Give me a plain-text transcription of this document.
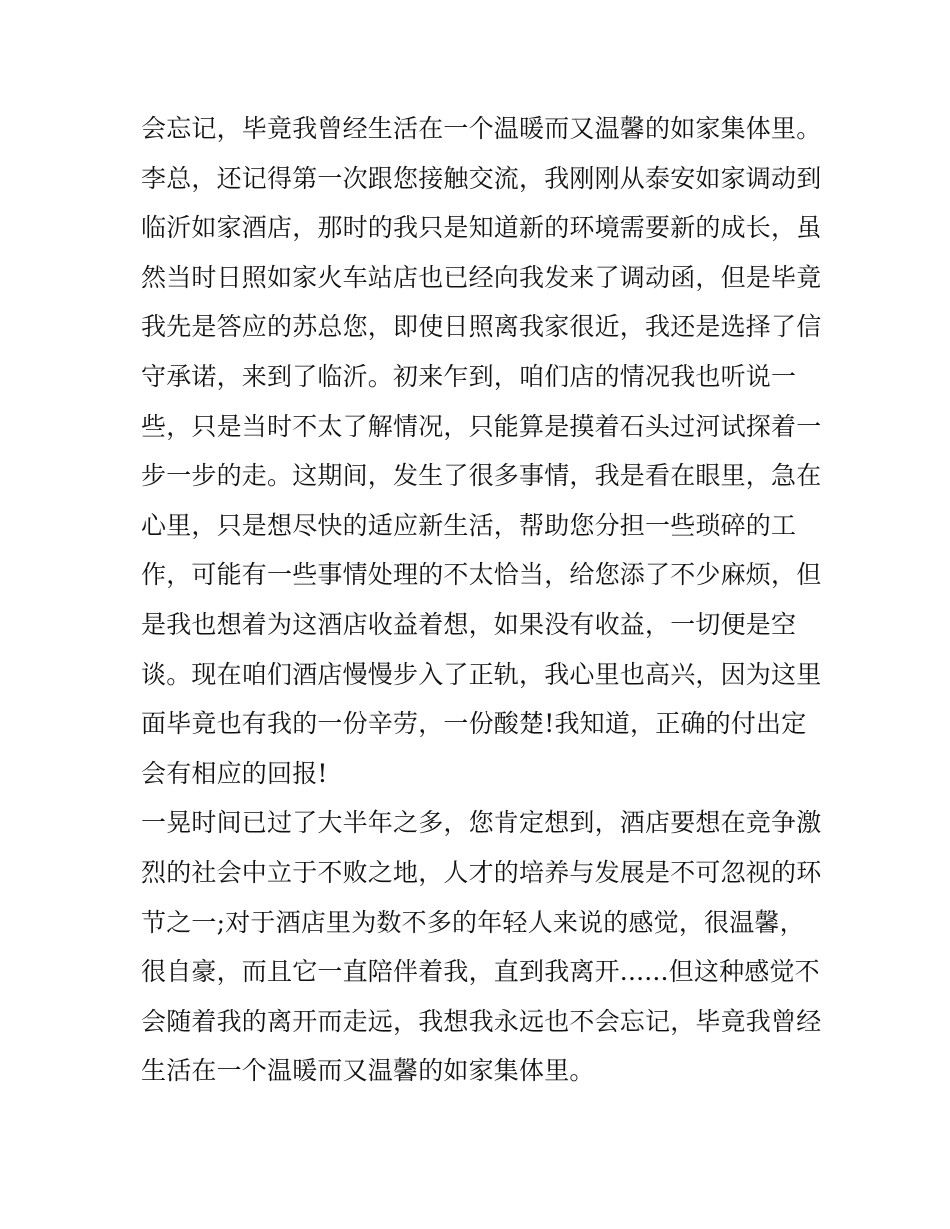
会忘记，毕竟我曾经生活在一个温暖而又温馨的如家集体里。
李总，还记得第一次跟您接触交流，我刚刚从泰安如家调动到
临沂如家酒店，那时的我只是知道新的环境需要新的成长，虽
然当时日照如家火车站店也已经向我发来了调动函，但是毕竟
我先是答应的苏总您，即使日照离我家很近，我还是选择了信
守承诺，来到了临沂。初来乍到，咱们店的情况我也听说一
些，只是当时不太了解情况，只能算是摸着石头过河试探着一
步一步的走。这期间，发生了很多事情，我是看在眼里，急在
心里，只是想尽快的适应新生活，帮助您分担一些琐碎的工
作，可能有一些事情处理的不太恰当，给您添了不少麻烦，但
是我也想着为这酒店收益着想，如果没有收益，一切便是空
谈。现在咱们酒店慢慢步入了正轨，我心里也高兴，因为这里
面毕竟也有我的一份辛劳，一份酸楚!我知道，正确的付出定
会有相应的回报!
一晃时间已过了大半年之多，您肯定想到，酒店要想在竞争激
烈的社会中立于不败之地，人才的培养与发展是不可忽视的环
节之一;对于酒店里为数不多的年轻人来说的感觉，很温馨，
很自豪，而且它一直陪伴着我，直到我离开......但这种感觉不
会随着我的离开而走远，我想我永远也不会忘记，毕竟我曾经
生活在一个温暖而又温馨的如家集体里。
